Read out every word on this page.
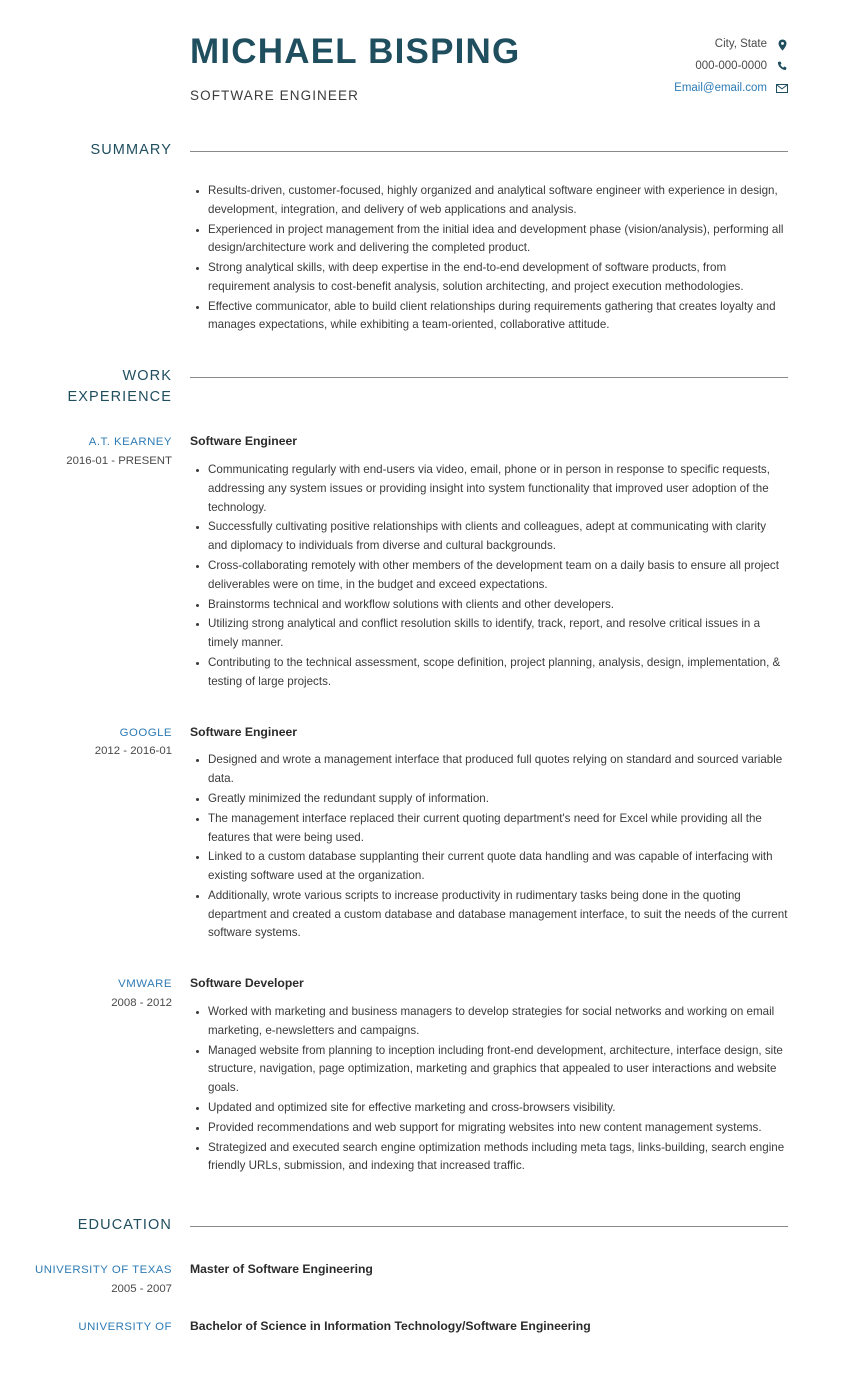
MICHAEL BISPING
SOFTWARE ENGINEER
City, State
000-000-0000
Email@email.com
SUMMARY
Results-driven, customer-focused, highly organized and analytical software engineer with experience in design, development, integration, and delivery of web applications and analysis.
Experienced in project management from the initial idea and development phase (vision/analysis), performing all design/architecture work and delivering the completed product.
Strong analytical skills, with deep expertise in the end-to-end development of software products, from requirement analysis to cost-benefit analysis, solution architecting, and project execution methodologies.
Effective communicator, able to build client relationships during requirements gathering that creates loyalty and manages expectations, while exhibiting a team-oriented, collaborative attitude.
WORK
EXPERIENCE
A.T. KEARNEY
2016-01 - PRESENT
Software Engineer
Communicating regularly with end-users via video, email, phone or in person in response to specific requests, addressing any system issues or providing insight into system functionality that improved user adoption of the technology.
Successfully cultivating positive relationships with clients and colleagues, adept at communicating with clarity and diplomacy to individuals from diverse and cultural backgrounds.
Cross-collaborating remotely with other members of the development team on a daily basis to ensure all project deliverables were on time, in the budget and exceed expectations.
Brainstorms technical and workflow solutions with clients and other developers.
Utilizing strong analytical and conflict resolution skills to identify, track, report, and resolve critical issues in a timely manner.
Contributing to the technical assessment, scope definition, project planning, analysis, design, implementation, & testing of large projects.
GOOGLE
2012 - 2016-01
Software Engineer
Designed and wrote a management interface that produced full quotes relying on standard and sourced variable data.
Greatly minimized the redundant supply of information.
The management interface replaced their current quoting department's need for Excel while providing all the features that were being used.
Linked to a custom database supplanting their current quote data handling and was capable of interfacing with existing software used at the organization.
Additionally, wrote various scripts to increase productivity in rudimentary tasks being done in the quoting department and created a custom database and database management interface, to suit the needs of the current software systems.
VMWARE
2008 - 2012
Software Developer
Worked with marketing and business managers to develop strategies for social networks and working on email marketing, e-newsletters and campaigns.
Managed website from planning to inception including front-end development, architecture, interface design, site structure, navigation, page optimization, marketing and graphics that appealed to user interactions and website goals.
Updated and optimized site for effective marketing and cross-browsers visibility.
Provided recommendations and web support for migrating websites into new content management systems.
Strategized and executed search engine optimization methods including meta tags, links-building, search engine friendly URLs, submission, and indexing that increased traffic.
EDUCATION
UNIVERSITY OF TEXAS
2005 - 2007
Master of Software Engineering
UNIVERSITY OF Bachelor of Science in Information Technology/Software Engineering
